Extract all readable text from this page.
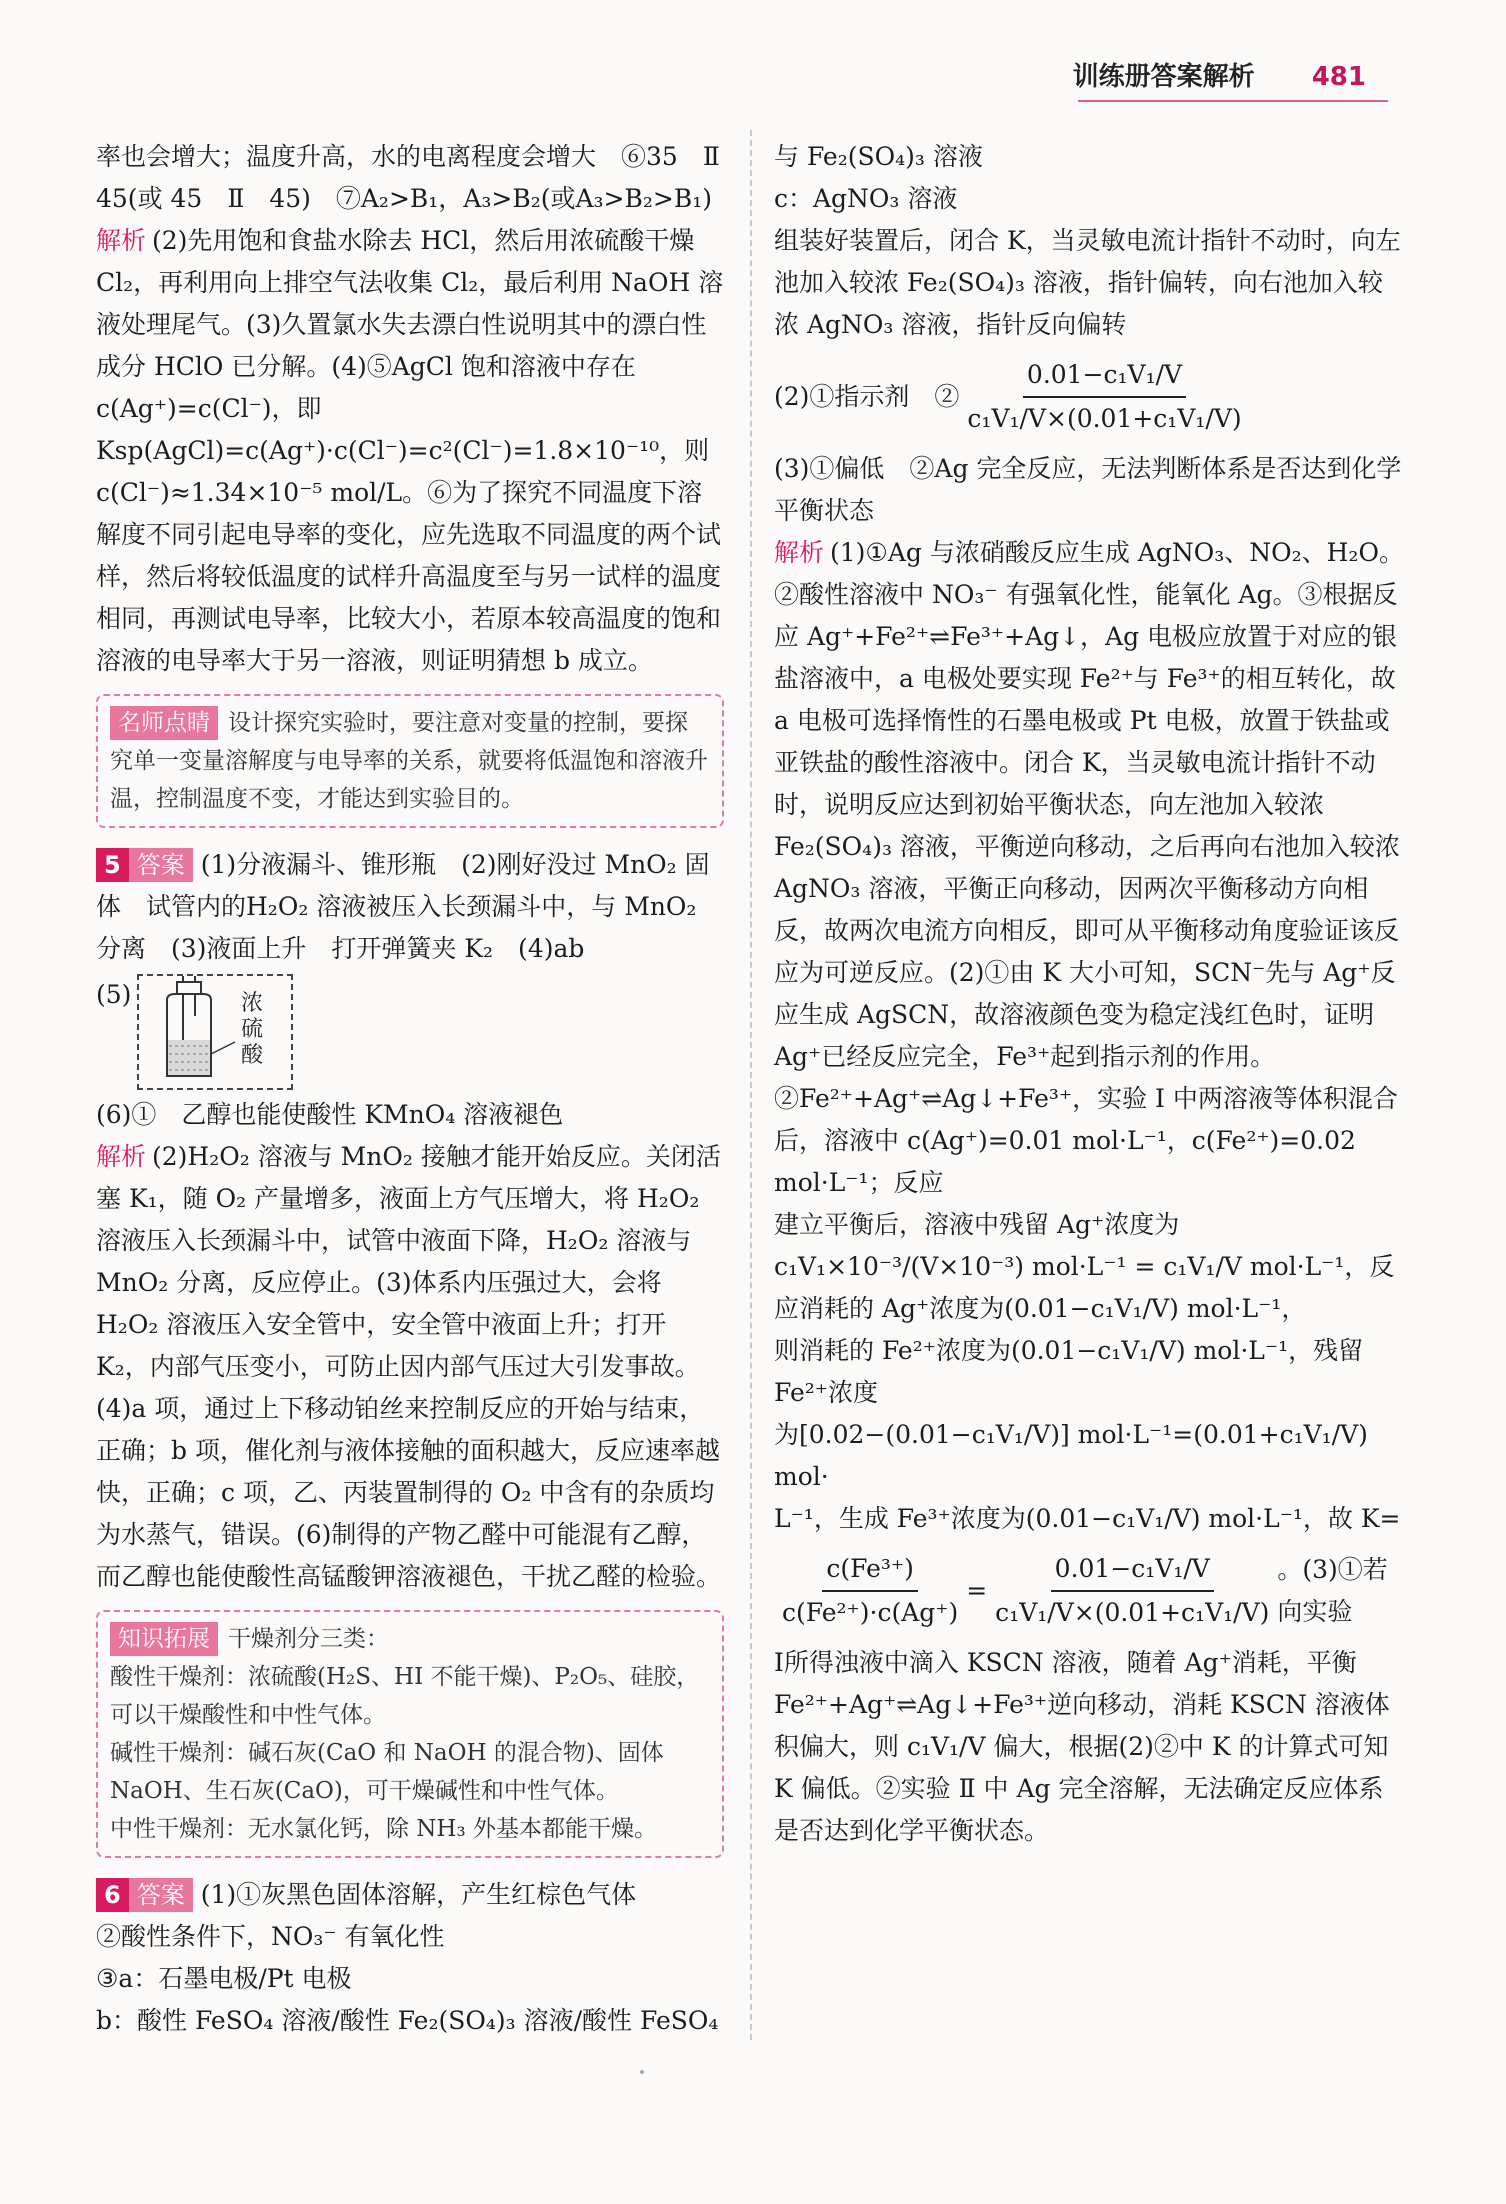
训练册答案解析 481

率也会增大；温度升高，水的电离程度会增大　⑥35　Ⅱ

45(或 45　Ⅱ　45)　⑦A₂>B₁，A₃>B₂(或A₃>B₂>B₁)

解析 (2)先用饱和食盐水除去 HCl，然后用浓硫酸干燥 Cl₂，再利用向上排空气法收集 Cl₂，最后利用 NaOH 溶液处理尾气。(3)久置氯水失去漂白性说明其中的漂白性成分 HClO 已分解。(4)⑤AgCl 饱和溶液中存在 c(Ag⁺)=c(Cl⁻)，即 Ksp(AgCl)=c(Ag⁺)·c(Cl⁻)=c²(Cl⁻)=1.8×10⁻¹⁰，则 c(Cl⁻)≈1.34×10⁻⁵ mol/L。⑥为了探究不同温度下溶解度不同引起电导率的变化，应先选取不同温度的两个试样，然后将较低温度的试样升高温度至与另一试样的温度相同，再测试电导率，比较大小，若原本较高温度的饱和溶液的电导率大于另一溶液，则证明猜想 b 成立。

名师点睛 设计探究实验时，要注意对变量的控制，要探究单一变量溶解度与电导率的关系，就要将低温饱和溶液升温，控制温度不变，才能达到实验目的。

5 答案 (1)分液漏斗、锥形瓶　(2)刚好没过 MnO₂ 固体　试管内的H₂O₂ 溶液被压入长颈漏斗中，与 MnO₂ 分离　(3)液面上升　打开弹簧夹 K₂　(4)ab

(5)	浓
硫
酸

(6)①　乙醇也能使酸性 KMnO₄ 溶液褪色

解析 (2)H₂O₂ 溶液与 MnO₂ 接触才能开始反应。关闭活塞 K₁，随 O₂ 产量增多，液面上方气压增大，将 H₂O₂ 溶液压入长颈漏斗中，试管中液面下降，H₂O₂ 溶液与 MnO₂ 分离，反应停止。(3)体系内压强过大，会将 H₂O₂ 溶液压入安全管中，安全管中液面上升；打开 K₂，内部气压变小，可防止因内部气压过大引发事故。(4)a 项，通过上下移动铂丝来控制反应的开始与结束，正确；b 项，催化剂与液体接触的面积越大，反应速率越快，正确；c 项，乙、丙装置制得的 O₂ 中含有的杂质均为水蒸气，错误。(6)制得的产物乙醛中可能混有乙醇，而乙醇也能使酸性高锰酸钾溶液褪色，干扰乙醛的检验。

知识拓展 干燥剂分三类：

酸性干燥剂：浓硫酸(H₂S、HI 不能干燥)、P₂O₅、硅胶，可以干燥酸性和中性气体。

碱性干燥剂：碱石灰(CaO 和 NaOH 的混合物)、固体 NaOH、生石灰(CaO)，可干燥碱性和中性气体。

中性干燥剂：无水氯化钙，除 NH₃ 外基本都能干燥。

6 答案 (1)①灰黑色固体溶解，产生红棕色气体

②酸性条件下，NO₃⁻ 有氧化性

③a：石墨电极/Pt 电极

b：酸性 FeSO₄ 溶液/酸性 Fe₂(SO₄)₃ 溶液/酸性 FeSO₄

与 Fe₂(SO₄)₃ 溶液

c：AgNO₃ 溶液

组装好装置后，闭合 K，当灵敏电流计指针不动时，向左池加入较浓 Fe₂(SO₄)₃ 溶液，指针偏转，向右池加入较浓 AgNO₃ 溶液，指针反向偏转

(2)①指示剂　② $\frac{\text{0.01−c₁V₁/V}}{\text{c₁V₁/V×(0.01+c₁V₁/V)}}$

(3)①偏低　②Ag 完全反应，无法判断体系是否达到化学平衡状态

解析 (1)①Ag 与浓硝酸反应生成 AgNO₃、NO₂、H₂O。②酸性溶液中 NO₃⁻ 有强氧化性，能氧化 Ag。③根据反应 Ag⁺+Fe²⁺⇌Fe³⁺+Ag↓，Ag 电极应放置于对应的银盐溶液中，a 电极处要实现 Fe²⁺与 Fe³⁺的相互转化，故 a 电极可选择惰性的石墨电极或 Pt 电极，放置于铁盐或亚铁盐的酸性溶液中。闭合 K，当灵敏电流计指针不动时，说明反应达到初始平衡状态，向左池加入较浓 Fe₂(SO₄)₃ 溶液，平衡逆向移动，之后再向右池加入较浓 AgNO₃ 溶液，平衡正向移动，因两次平衡移动方向相反，故两次电流方向相反，即可从平衡移动角度验证该反应为可逆反应。(2)①由 K 大小可知，SCN⁻先与 Ag⁺反应生成 AgSCN，故溶液颜色变为稳定浅红色时，证明 Ag⁺已经反应完全，Fe³⁺起到指示剂的作用。②Fe²⁺+Ag⁺⇌Ag↓+Fe³⁺，实验 Ⅰ 中两溶液等体积混合后，溶液中 c(Ag⁺)=0.01 mol·L⁻¹，c(Fe²⁺)=0.02 mol·L⁻¹；反应

建立平衡后，溶液中残留 Ag⁺浓度为 c₁V₁×10⁻³/(V×10⁻³) mol·L⁻¹ = c₁V₁/V mol·L⁻¹，反应消耗的 Ag⁺浓度为(0.01−c₁V₁/V) mol·L⁻¹，

则消耗的 Fe²⁺浓度为(0.01−c₁V₁/V) mol·L⁻¹，残留 Fe²⁺浓度

为[0.02−(0.01−c₁V₁/V)] mol·L⁻¹=(0.01+c₁V₁/V) mol·

L⁻¹，生成 Fe³⁺浓度为(0.01−c₁V₁/V) mol·L⁻¹，故 K=

$\frac{\text{c(Fe³⁺)}}{\text{c(Fe²⁺)·c(Ag⁺)}} = \frac{\text{0.01−c₁V₁/V}}{\text{c₁V₁/V×(0.01+c₁V₁/V)}}$ 。(3)①若向实验

Ⅰ所得浊液中滴入 KSCN 溶液，随着 Ag⁺消耗，平衡 Fe²⁺+Ag⁺⇌Ag↓+Fe³⁺逆向移动，消耗 KSCN 溶液体积偏大，则 c₁V₁/V 偏大，根据(2)②中 K 的计算式可知 K 偏低。②实验 Ⅱ 中 Ag 完全溶解，无法确定反应体系是否达到化学平衡状态。
